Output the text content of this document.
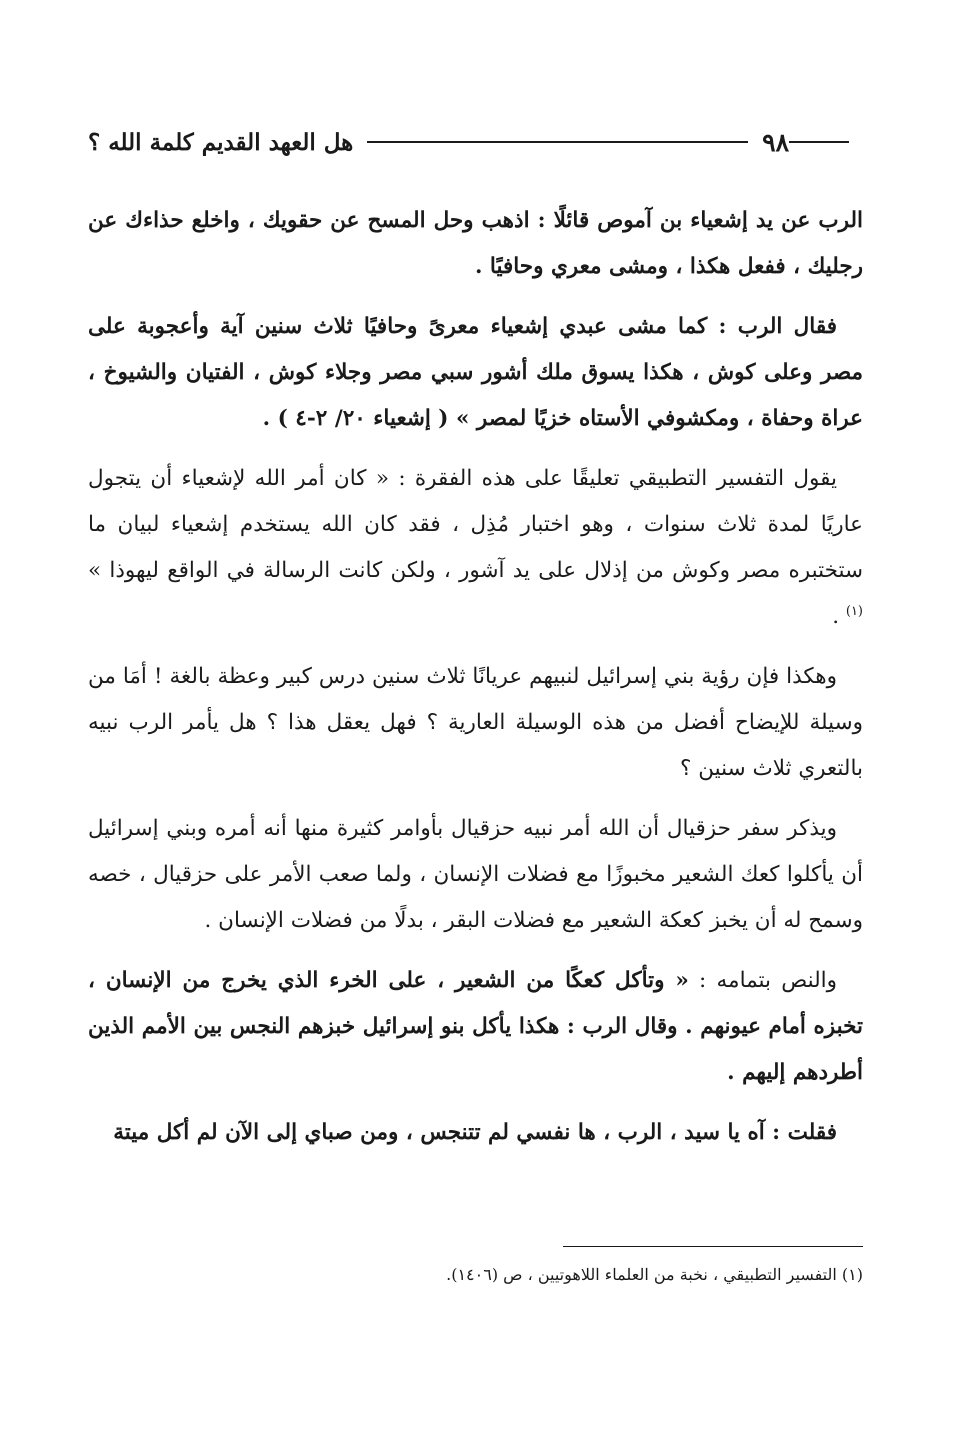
٩٨
هل العهد القديم كلمة الله ؟

الرب عن يد إشعياء بن آموص قائلًا : اذهب وحل المسح عن حقويك ، واخلع حذاءك عن رجليك ، ففعل هكذا ، ومشى معري وحافيًا .

فقال الرب : كما مشى عبدي إشعياء معرىً وحافيًا ثلاث سنين آية وأعجوبة على مصر وعلى كوش ، هكذا يسوق ملك أشور سبي مصر وجلاء كوش ، الفتيان والشيوخ ، عراة وحفاة ، ومكشوفي الأستاه خزيًا لمصر » ( إشعياء ٢٠/ ٢-٤ ) .

يقول التفسير التطبيقي تعليقًا على هذه الفقرة : « كان أمر الله لإشعياء أن يتجول عاريًا لمدة ثلاث سنوات ، وهو اختبار مُذِل ، فقد كان الله يستخدم إشعياء لبيان ما ستختبره مصر وكوش من إذلال على يد آشور ، ولكن كانت الرسالة في الواقع ليهوذا » $^{(١)}$ .

وهكذا فإن رؤية بني إسرائيل لنبيهم عريانًا ثلاث سنين درس كبير وعظة بالغة ! أمَا من وسيلة للإيضاح أفضل من هذه الوسيلة العارية ؟ فهل يعقل هذا ؟ هل يأمر الرب نبيه بالتعري ثلاث سنين ؟

ويذكر سفر حزقيال أن الله أمر نبيه حزقيال بأوامر كثيرة منها أنه أمره وبني إسرائيل أن يأكلوا كعك الشعير مخبوزًا مع فضلات الإنسان ، ولما صعب الأمر على حزقيال ، خصه وسمح له أن يخبز كعكة الشعير مع فضلات البقر ، بدلًا من فضلات الإنسان .

والنص بتمامه : « وتأكل كعكًا من الشعير ، على الخرء الذي يخرج من الإنسان ، تخبزه أمام عيونهم . وقال الرب : هكذا يأكل بنو إسرائيل خبزهم النجس بين الأمم الذين أطردهم إليهم .

فقلت : آه يا سيد ، الرب ، ها نفسي لم تتنجس ، ومن صباي إلى الآن لم أكل ميتة

(١) التفسير التطبيقي ، نخبة من العلماء اللاهوتيين ، ص (١٤٠٦).
